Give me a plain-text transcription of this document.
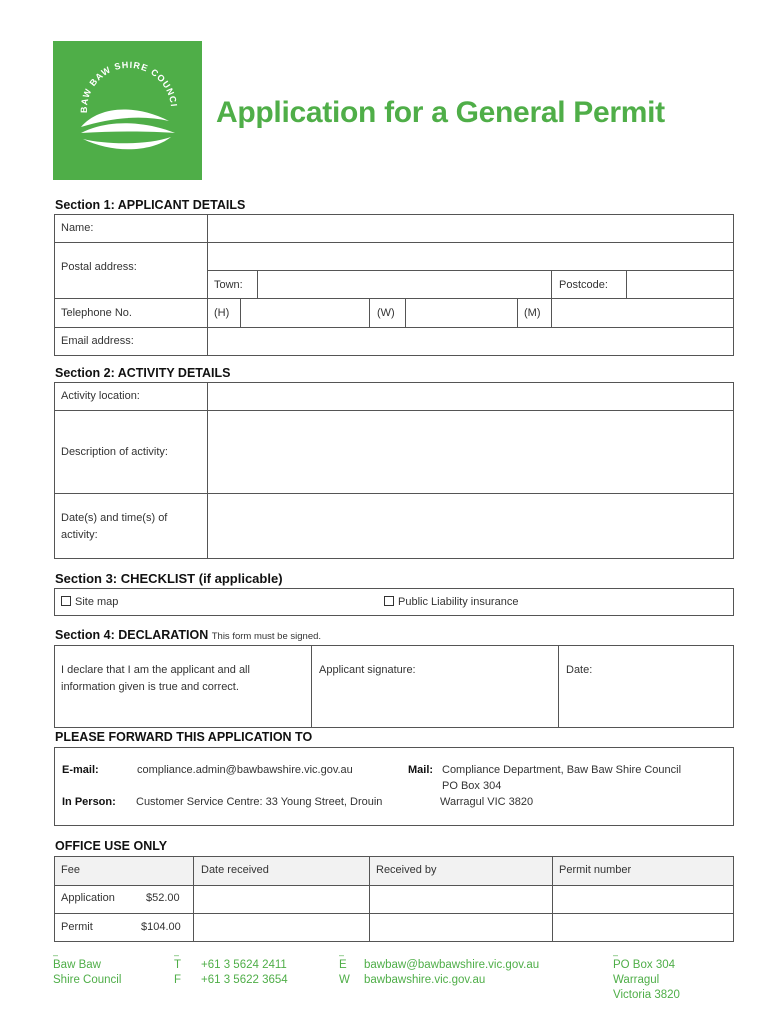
BAW BAW SHIRE COUNCI Application for a General Permit
Section 1: APPLICANT DETAILS
Name:
Postal address:
Town:	Postcode:
Telephone No.	(H)	(W)	(M)
Email address:
Section 2: ACTIVITY DETAILS
Activity location:
Description of activity:
Date(s) and time(s) of activity:
Section 3: CHECKLIST (if applicable)
Site map	Public Liability insurance
Section 4: DECLARATION This form must be signed.
I declare that I am the applicant and all information given is true and correct.
Applicant signature:	Date:
PLEASE FORWARD THIS APPLICATION TO
E-mail:	compliance.admin@bawbawshire.vic.gov.au	Mail: Compliance Department, Baw Baw Shire Council
PO Box 304
Warragul VIC 3820
In Person: Customer Service Centre: 33 Young Street, Drouin
OFFICE USE ONLY
Fee	Date received	Received by	Permit number
Application	$52.00
Permit	$104.00
–
Baw Baw
Shire Council
–
T
F
+61 3 5624 2411
+61 3 5622 3654
–
E
W
bawbaw@bawbawshire.vic.gov.au
bawbawshire.vic.gov.au
–
PO Box 304
Warragul
Victoria 3820
